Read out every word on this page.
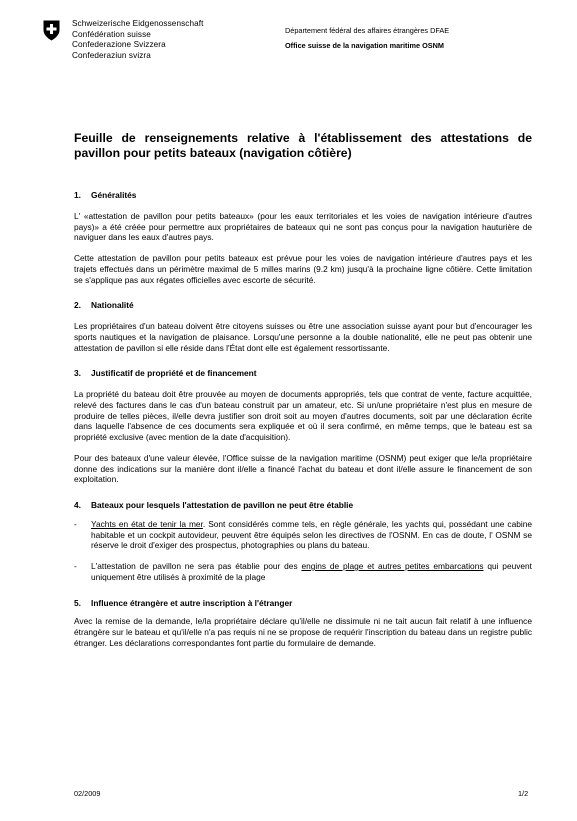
Schweizerische Eidgenossenschaft
Confédération suisse
Confederazione Svizzera
Confederaziun svizra
Département fédéral des affaires étrangères DFAE
Office suisse de la navigation maritime OSNM
Feuille de renseignements relative à l'établissement des attestations de pavillon pour petits bateaux (navigation côtière)
1.	Généralités

L' «attestation de pavillon pour petits bateaux» (pour les eaux territoriales et les voies de navigation intérieure d'autres pays)» a été créée pour permettre aux propriétaires de bateaux qui ne sont pas conçus pour la navigation hauturière de naviguer dans les eaux d'autres pays.

Cette attestation de pavillon pour petits bateaux est prévue pour les voies de navigation intérieure d'autres pays et les trajets effectués dans un périmètre maximal de 5 milles marins (9.2 km) jusqu'à la prochaine ligne côtière. Cette limitation se s'applique pas aux régates officielles avec escorte de sécurité.

2.	Nationalité

Les propriétaires d'un bateau doivent être citoyens suisses ou être une association suisse ayant pour but d'encourager les sports nautiques et la navigation de plaisance. Lorsqu'une personne a la double nationalité, elle ne peut pas obtenir une attestation de pavillon si elle réside dans l'État dont elle est également ressortissante.

3.	Justificatif de propriété et de financement

La propriété du bateau doit être prouvée au moyen de documents appropriés, tels que contrat de vente, facture acquittée, relevé des factures dans le cas d'un bateau construit par un amateur, etc. Si un/une propriétaire n'est plus en mesure de produire de telles pièces, il/elle devra justifier son droit soit au moyen d'autres documents, soit par une déclaration écrite dans laquelle l'absence de ces documents sera expliquée et où il sera confirmé, en même temps, que le bateau est sa propriété exclusive (avec mention de la date d'acquisition).

Pour des bateaux d'une valeur élevée, l'Office suisse de la navigation maritime (OSNM) peut exiger que le/la propriétaire donne des indications sur la manière dont il/elle a financé l'achat du bateau et dont il/elle assure le financement de son exploitation.

4.	Bateaux pour lesquels l'attestation de pavillon ne peut être établie
-	Yachts en état de tenir la mer. Sont considérés comme tels, en règle générale, les yachts qui, possédant une cabine habitable et un cockpit autovideur, peuvent être équipés selon les directives de l'OSNM. En cas de doute, l' OSNM se réserve le droit d'exiger des prospectus, photographies ou plans du bateau.
-	L'attestation de pavillon ne sera pas établie pour des engins de plage et autres petites embarcations qui peuvent uniquement être utilisés à proximité de la plage
5.	Influence étrangère et autre inscription à l'étranger

Avec la remise de la demande, le/la propriétaire déclare qu'il/elle ne dissimule ni ne tait aucun fait relatif à une influence étrangère sur le bateau et qu'il/elle n'a pas requis ni ne se propose de requérir l'inscription du bateau dans un registre public étranger. Les déclarations correspondantes font partie du formulaire de demande.

02/2009	1/2
